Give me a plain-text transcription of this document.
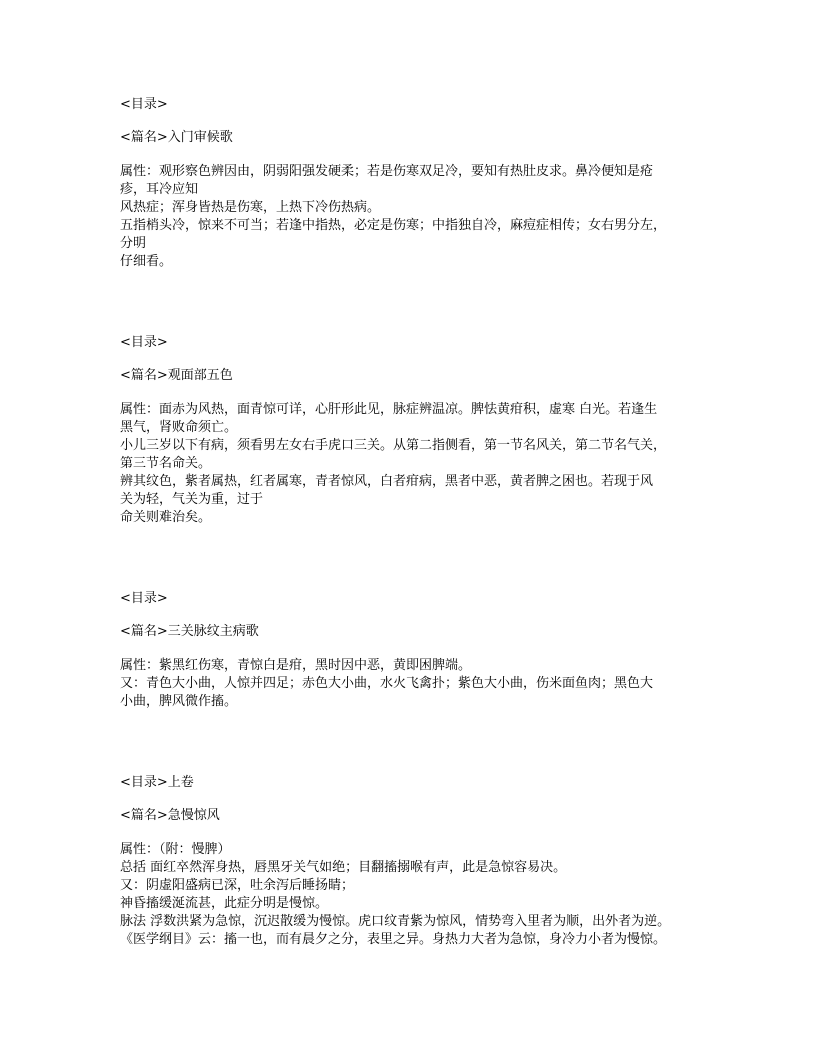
<目录>
<篇名>入门审候歌
属性：观形察色辨因由，阴弱阳强发硬柔；若是伤寒双足冷，要知有热肚皮求。鼻冷便知是疮
疹，耳冷应知
风热症；浑身皆热是伤寒，上热下冷伤热病。
五指梢头冷，惊来不可当；若逢中指热，必定是伤寒；中指独自冷，麻痘症相传；女右男分左，
分明
仔细看。
<目录>
<篇名>观面部五色
属性：面赤为风热，面青惊可详，心肝形此见，脉症辨温凉。脾怯黄疳积，虚寒 白光。若逢生
黑气，肾败命须亡。
小儿三岁以下有病，须看男左女右手虎口三关。从第二指侧看，第一节名风关，第二节名气关，
第三节名命关。
辨其纹色，紫者属热，红者属寒，青者惊风，白者疳病，黑者中恶，黄者脾之困也。若现于风
关为轻，气关为重，过于
命关则难治矣。
<目录>
<篇名>三关脉纹主病歌
属性：紫黑红伤寒，青惊白是疳，黑时因中恶，黄即困脾端。
又：青色大小曲，人惊并四足；赤色大小曲，水火飞禽扑；紫色大小曲，伤米面鱼肉；黑色大
小曲，脾风微作搐。
<目录>上卷
<篇名>急慢惊风
属性：（附：慢脾）
总括 面红卒然浑身热，唇黑牙关气如绝；目翻搐搦喉有声，此是急惊容易决。
又：阴虚阳盛病已深，吐余泻后睡扬睛；
神昏搐缓涎流甚，此症分明是慢惊。
脉法 浮数洪紧为急惊，沉迟散缓为慢惊。虎口纹青紫为惊风，情势弯入里者为顺，出外者为逆。
《医学纲目》云：搐一也，而有晨夕之分，表里之异。身热力大者为急惊，身冷力小者为慢惊。
